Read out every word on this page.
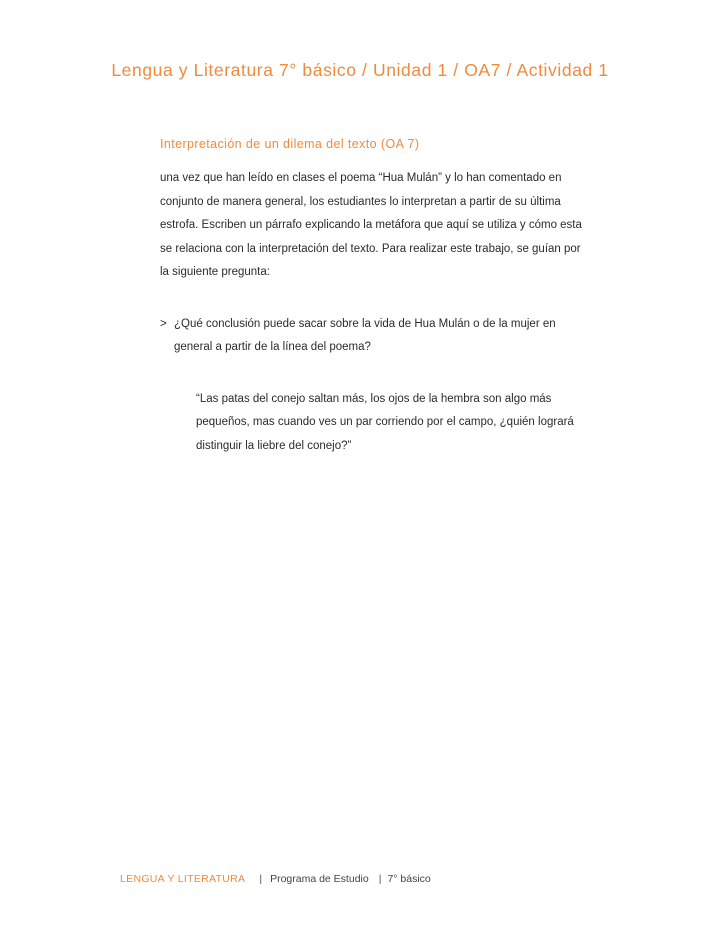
Lengua y Literatura 7° básico / Unidad 1 / OA7 / Actividad 1
Interpretación de un dilema del texto (OA 7)

una vez que han leído en clases el poema “Hua Mulán” y lo han comentado en conjunto de manera general, los estudiantes lo interpretan a partir de su última estrofa. Escriben un párrafo explicando la metáfora que aquí se utiliza y cómo esta se relaciona con la interpretación del texto. Para realizar este trabajo, se guían por la siguiente pregunta:

> ¿Qué conclusión puede sacar sobre la vida de Hua Mulán o de la mujer en general a partir de la línea del poema?
“Las patas del conejo saltan más, los ojos de la hembra son algo más pequeños, mas cuando ves un par corriendo por el campo, ¿quién logrará distinguir la liebre del conejo?”
LENGUA Y LITERATURA | Programa de Estudio | 7° básico
